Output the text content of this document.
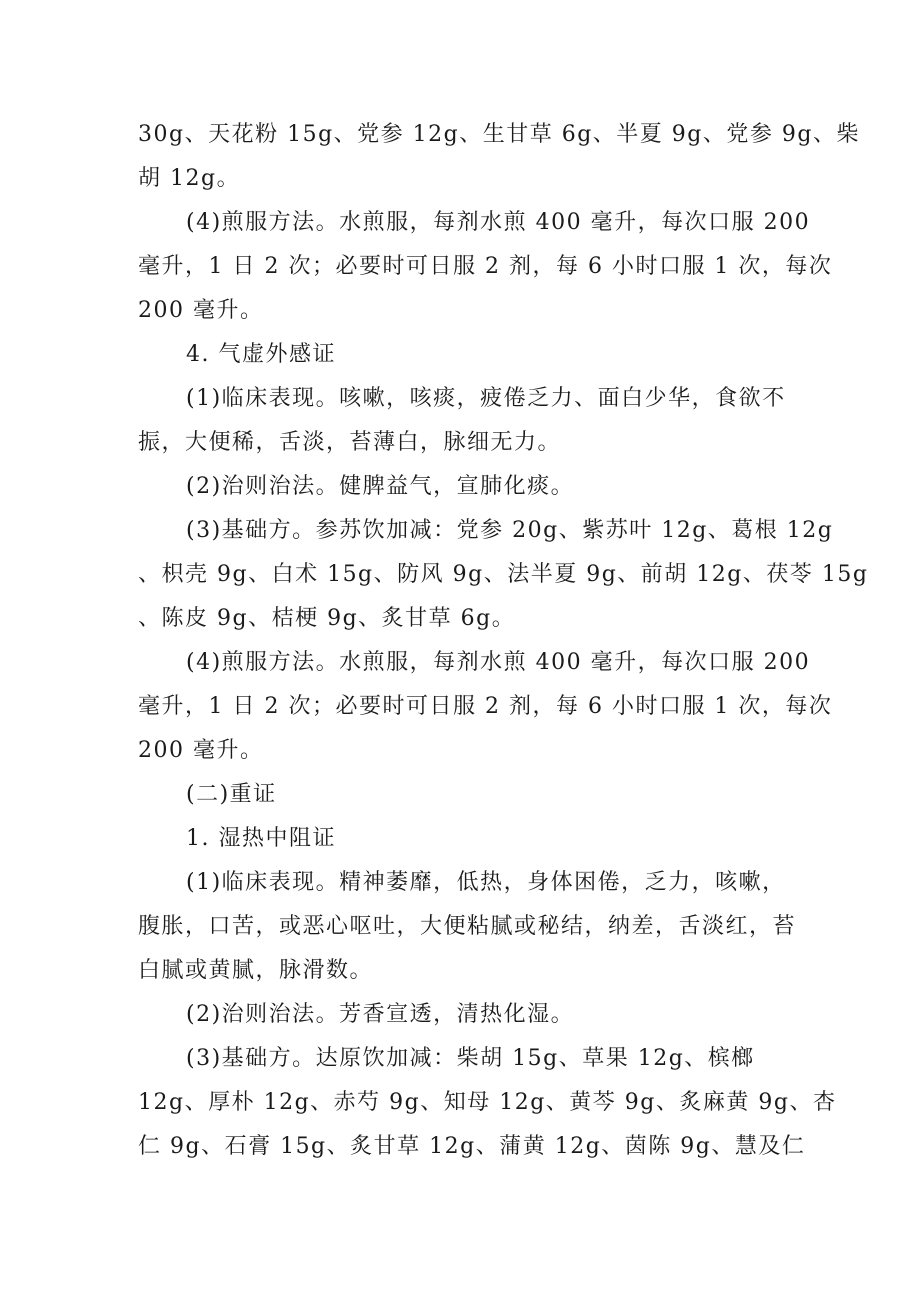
30g、天花粉 15g、党参 12g、生甘草 6g、半夏 9g、党参 9g、柴
胡 12g。
(4)煎服方法。水煎服，每剂水煎 400 毫升，每次口服 200
毫升，1 日 2 次；必要时可日服 2 剂，每 6 小时口服 1 次，每次
200 毫升。
4. 气虚外感证
(1)临床表现。咳嗽，咳痰，疲倦乏力、面白少华，食欲不
振，大便稀，舌淡，苔薄白，脉细无力。
(2)治则治法。健脾益气，宣肺化痰。
(3)基础方。参苏饮加减：党参 20g、紫苏叶 12g、葛根 12g
、枳壳 9g、白术 15g、防风 9g、法半夏 9g、前胡 12g、茯苓 15g
、陈皮 9g、桔梗 9g、炙甘草 6g。
(4)煎服方法。水煎服，每剂水煎 400 毫升，每次口服 200
毫升，1 日 2 次；必要时可日服 2 剂，每 6 小时口服 1 次，每次
200 毫升。
(二)重证
1. 湿热中阻证
(1)临床表现。精神萎靡，低热，身体困倦，乏力，咳嗽，
腹胀，口苦，或恶心呕吐，大便粘腻或秘结，纳差，舌淡红，苔
白腻或黄腻，脉滑数。
(2)治则治法。芳香宣透，清热化湿。
(3)基础方。达原饮加减：柴胡 15g、草果 12g、槟榔
12g、厚朴 12g、赤芍 9g、知母 12g、黄芩 9g、炙麻黄 9g、杏
仁 9g、石膏 15g、炙甘草 12g、蒲黄 12g、茵陈 9g、慧及仁
